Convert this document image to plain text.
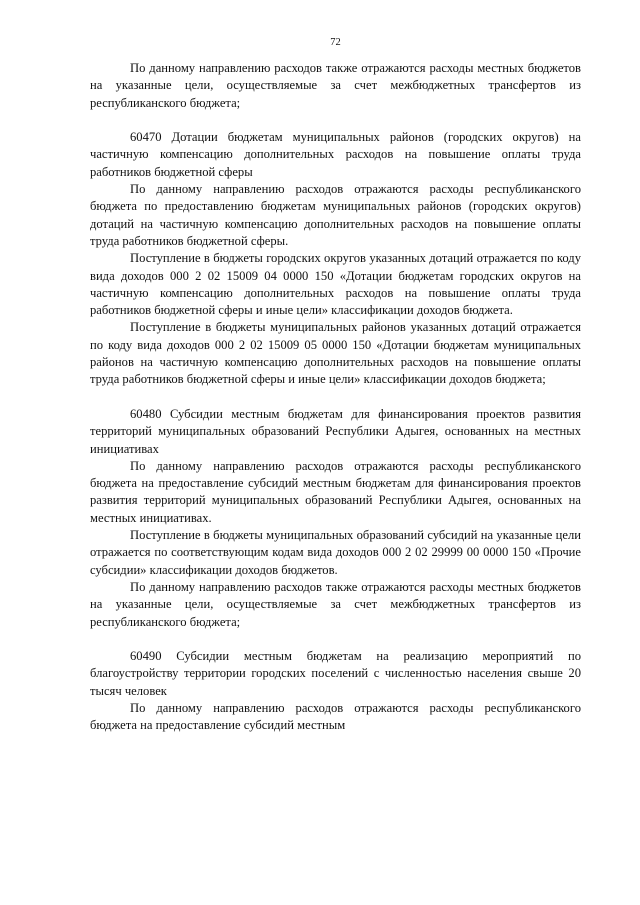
72

По данному направлению расходов также отражаются расходы местных бюджетов на указанные цели, осуществляемые за счет межбюджетных трансфертов из республиканского бюджета;

60470 Дотации бюджетам муниципальных районов (городских округов) на частичную компенсацию дополнительных расходов на повышение оплаты труда работников бюджетной сферы

По данному направлению расходов отражаются расходы республиканского бюджета по предоставлению бюджетам муниципальных районов (городских округов) дотаций на частичную компенсацию дополнительных расходов на повышение оплаты труда работников бюджетной сферы.

Поступление в бюджеты городских округов указанных дотаций отражается по коду вида доходов 000 2 02 15009 04 0000 150 «Дотации бюджетам городских округов на частичную компенсацию дополнительных расходов на повышение оплаты труда работников бюджетной сферы и иные цели» классификации доходов бюджета.

Поступление в бюджеты муниципальных районов указанных дотаций отражается по коду вида доходов 000 2 02 15009 05 0000 150 «Дотации бюджетам муниципальных районов на частичную компенсацию дополнительных расходов на повышение оплаты труда работников бюджетной сферы и иные цели» классификации доходов бюджета;

60480 Субсидии местным бюджетам для финансирования проектов развития территорий муниципальных образований Республики Адыгея, основанных на местных инициативах

По данному направлению расходов отражаются расходы республиканского бюджета на предоставление субсидий местным бюджетам для финансирования проектов развития территорий муниципальных образований Республики Адыгея, основанных на местных инициативах.

Поступление в бюджеты муниципальных образований субсидий на указанные цели отражается по соответствующим кодам вида доходов 000 2 02 29999 00 0000 150 «Прочие субсидии» классификации доходов бюджетов.

По данному направлению расходов также отражаются расходы местных бюджетов на указанные цели, осуществляемые за счет межбюджетных трансфертов из республиканского бюджета;

60490 Субсидии местным бюджетам на реализацию мероприятий по благоустройству территории городских поселений с численностью населения свыше 20 тысяч человек

По данному направлению расходов отражаются расходы республиканского бюджета на предоставление субсидий местным
